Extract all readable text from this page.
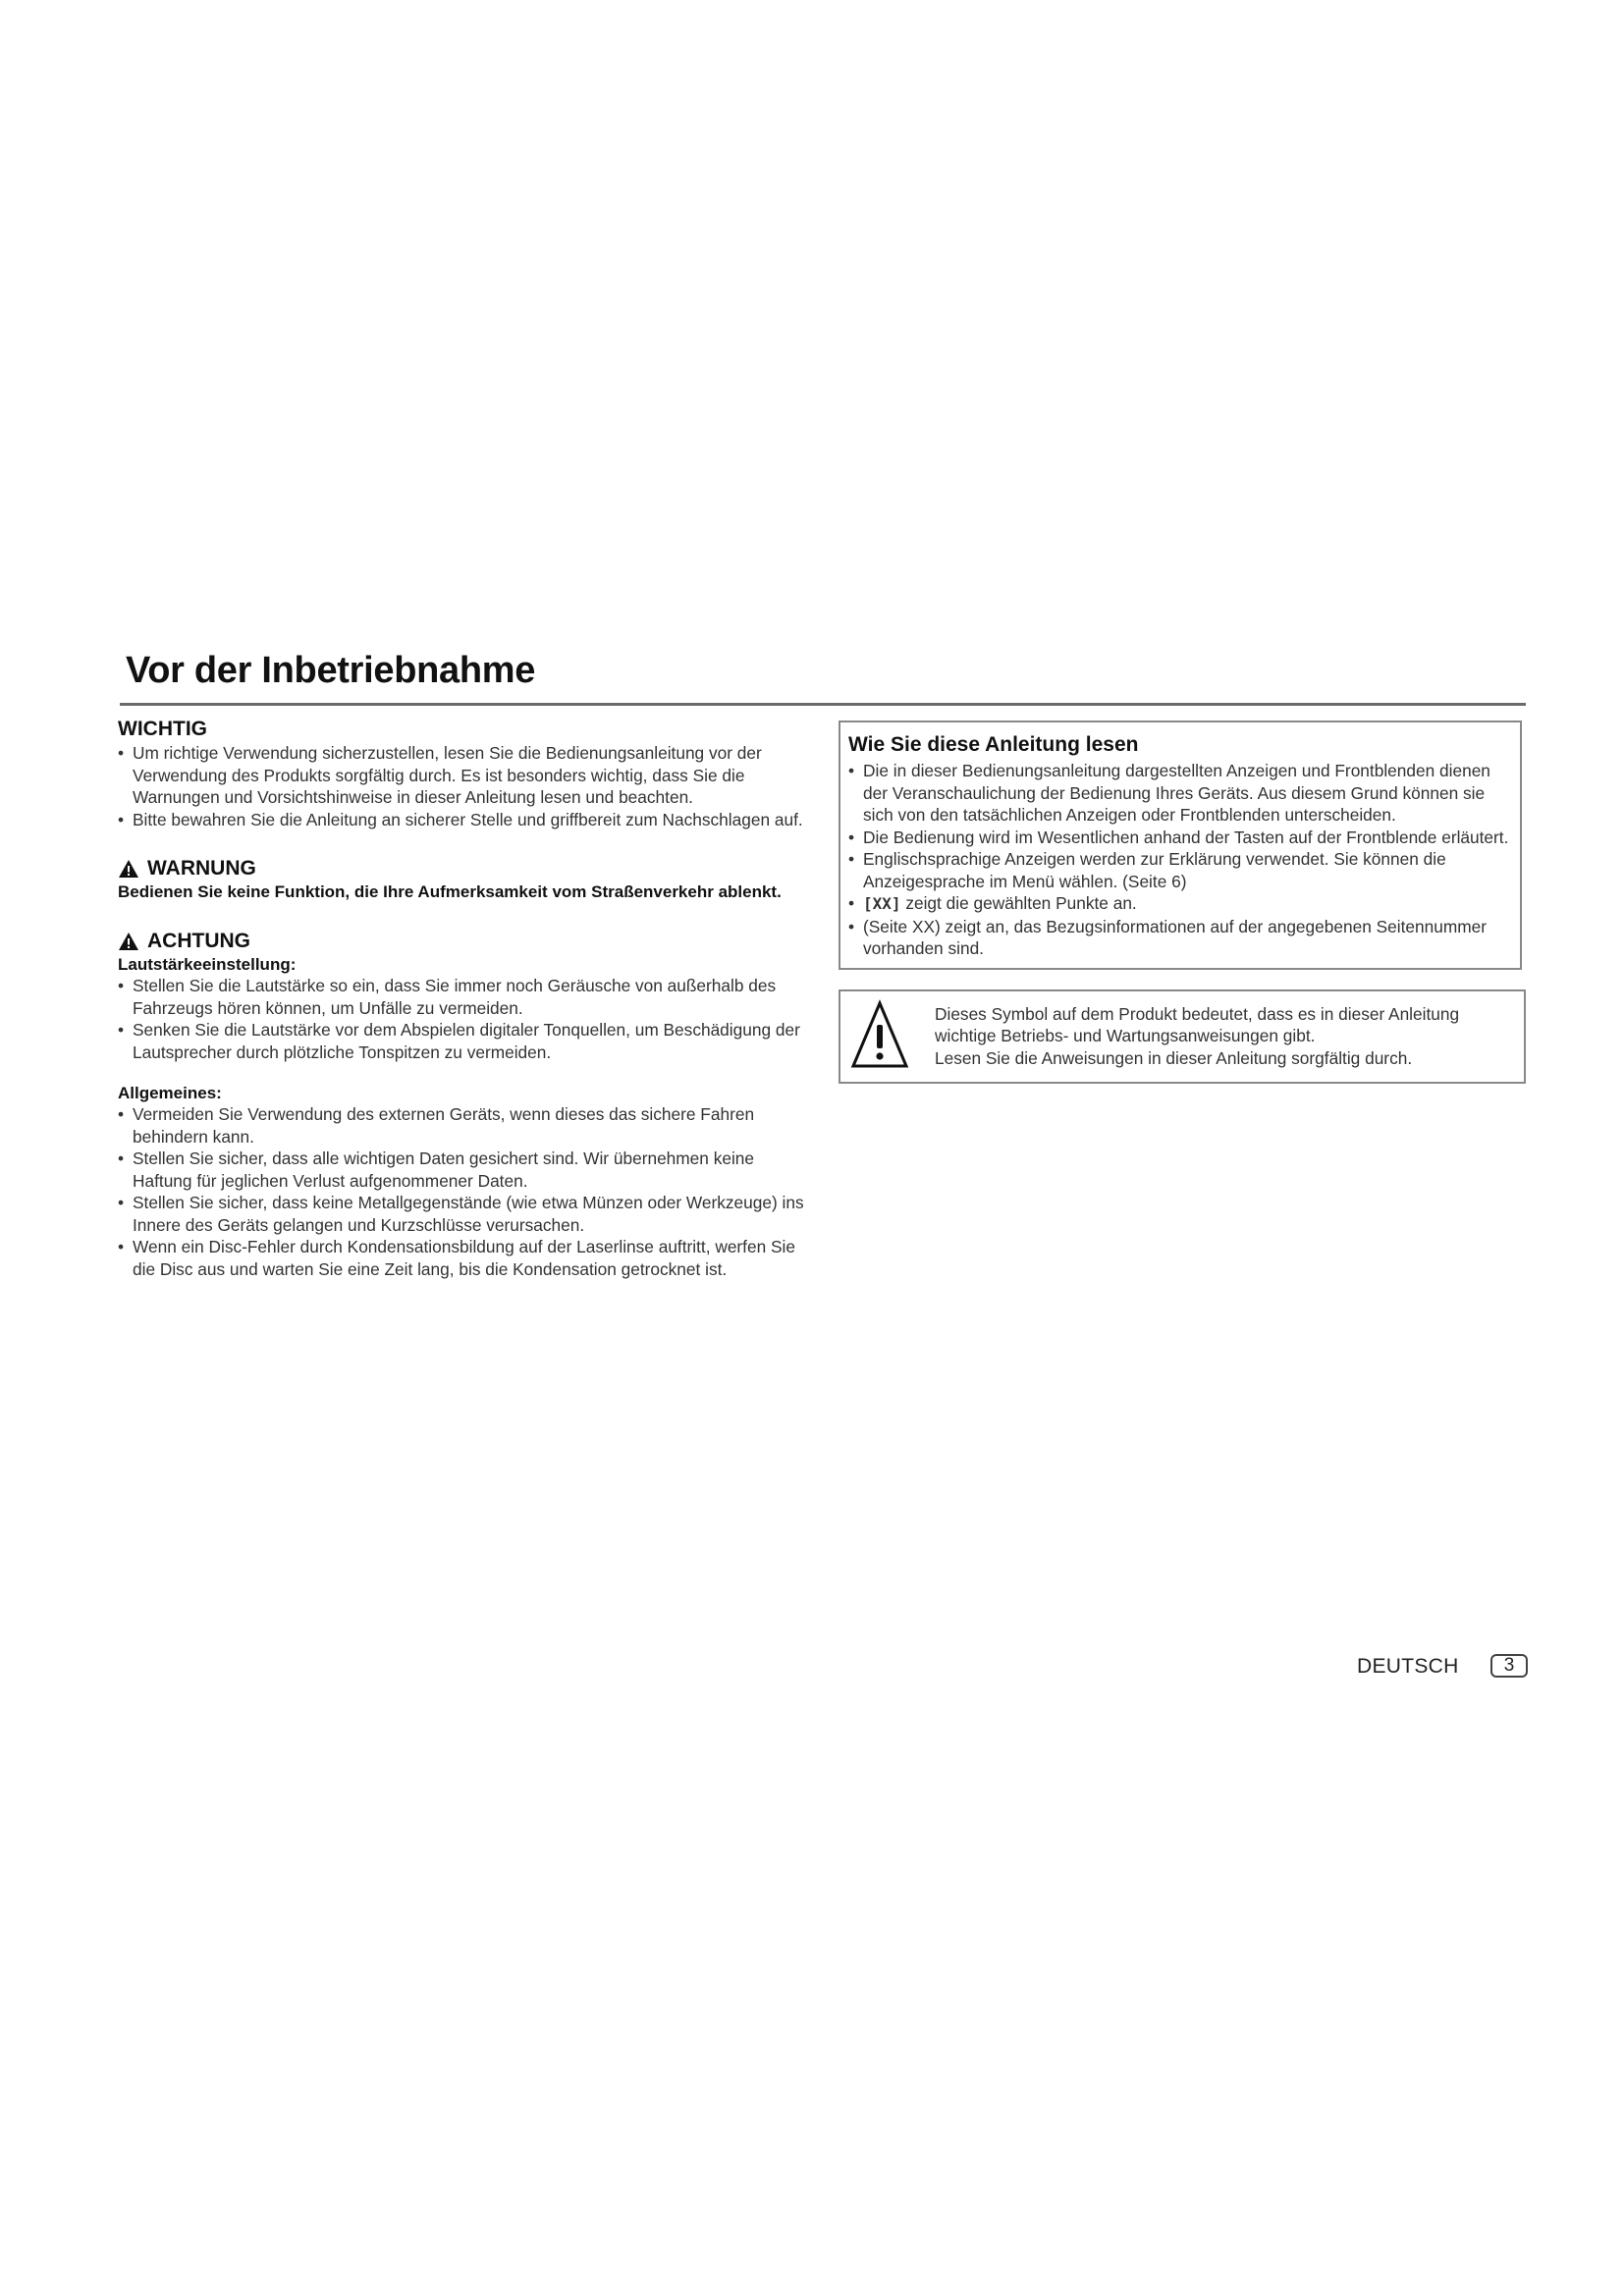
Vor der Inbetriebnahme
WICHTIG
• Um richtige Verwendung sicherzustellen, lesen Sie die Bedienungsanleitung vor der Verwendung des Produkts sorgfältig durch. Es ist besonders wichtig, dass Sie die Warnungen und Vorsichtshinweise in dieser Anleitung lesen und beachten.
• Bitte bewahren Sie die Anleitung an sicherer Stelle und griffbereit zum Nachschlagen auf.
WARNUNG
Bedienen Sie keine Funktion, die Ihre Aufmerksamkeit vom Straßenverkehr ablenkt.
ACHTUNG
Lautstärkeeinstellung:
• Stellen Sie die Lautstärke so ein, dass Sie immer noch Geräusche von außerhalb des Fahrzeugs hören können, um Unfälle zu vermeiden.
• Senken Sie die Lautstärke vor dem Abspielen digitaler Tonquellen, um Beschädigung der Lautsprecher durch plötzliche Tonspitzen zu vermeiden.
Allgemeines:
• Vermeiden Sie Verwendung des externen Geräts, wenn dieses das sichere Fahren behindern kann.
• Stellen Sie sicher, dass alle wichtigen Daten gesichert sind. Wir übernehmen keine Haftung für jeglichen Verlust aufgenommener Daten.
• Stellen Sie sicher, dass keine Metallgegenstände (wie etwa Münzen oder Werkzeuge) ins Innere des Geräts gelangen und Kurzschlüsse verursachen.
• Wenn ein Disc-Fehler durch Kondensationsbildung auf der Laserlinse auftritt, werfen Sie die Disc aus und warten Sie eine Zeit lang, bis die Kondensation getrocknet ist.
Wie Sie diese Anleitung lesen
• Die in dieser Bedienungsanleitung dargestellten Anzeigen und Frontblenden dienen der Veranschaulichung der Bedienung Ihres Geräts. Aus diesem Grund können sie sich von den tatsächlichen Anzeigen oder Frontblenden unterscheiden.
• Die Bedienung wird im Wesentlichen anhand der Tasten auf der Frontblende erläutert.
• Englischsprachige Anzeigen werden zur Erklärung verwendet. Sie können die Anzeigesprache im Menü wählen. (Seite 6)
• [XX] zeigt die gewählten Punkte an.
• (Seite XX) zeigt an, das Bezugsinformationen auf der angegebenen Seitennummer vorhanden sind.
Dieses Symbol auf dem Produkt bedeutet, dass es in dieser Anleitung
wichtige Betriebs- und Wartungsanweisungen gibt.
Lesen Sie die Anweisungen in dieser Anleitung sorgfältig durch.
DEUTSCH	3
